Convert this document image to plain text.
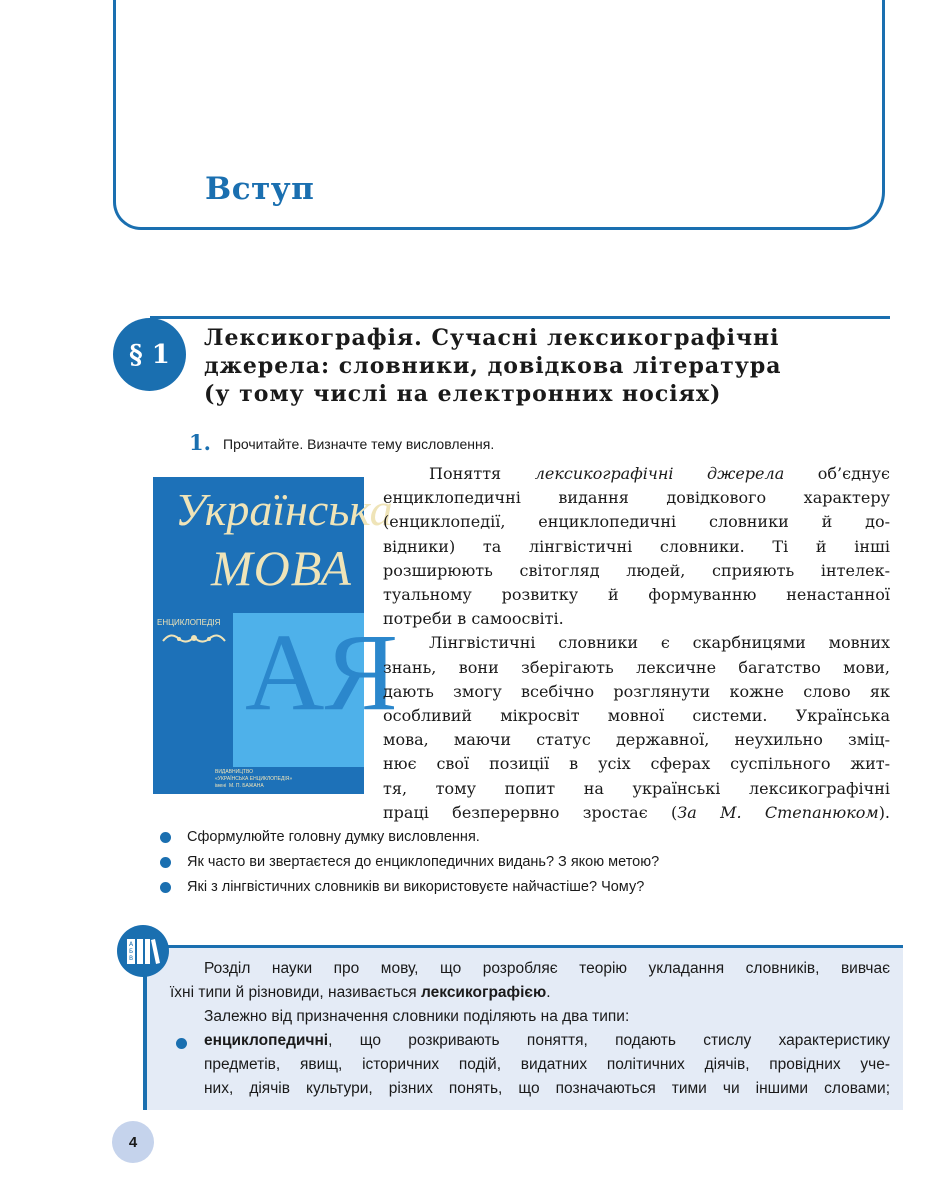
Вступ
§ 1
Лексикографія. Сучасні лексикографічні
джерела: словники, довідкова література
(у тому числі на електронних носіях)
1. Прочитайте. Визначте тему висловлення.
Українська
МОВА
ЕНЦИКЛОПЕДІЯ АЯ
ВИДАВНИЦТВО
«УКРАЇНСЬКА ЕНЦИКЛОПЕДІЯ»
імені  М. П. БАЖАНА
Поняття лексикографічні джерела об’єднує
енциклопедичні видання довідкового характеру
(енциклопедії, енциклопедичні словники й до-
відники) та лінгвістичні словники. Ті й інші
розширюють світогляд людей, сприяють інтелек-
туальному розвитку й формуванню ненастанної
потреби в самоосвіті.
Лінгвістичні словники є скарбницями мовних
знань, вони зберігають лексичне багатство мови,
дають змогу всебічно розглянути кожне слово як
особливий мікросвіт мовної системи. Українська
мова, маючи статус державної, неухильно зміц-
нює свої позиції в усіх сферах суспільного жит-
тя, тому попит на українські лексикографічні
праці безперервно зростає (За М. Степанюком).
Сформулюйте головну думку висловлення.
Як часто ви звертаєтеся до енциклопедичних видань? З якою метою?
Які з лінгвістичних словників ви використовуєте найчастіше? Чому?
А
Б
В
Розділ науки про мову, що розробляє теорію укладання словників, вивчає
їхні типи й різновиди, називається лексикографією.
Залежно від призначення словники поділяють на два типи:
енциклопедичні, що розкривають поняття, подають стислу характеристику
предметів, явищ, історичних подій, видатних політичних діячів, провідних уче-
них, діячів культури, різних понять, що позначаються тими чи іншими словами;
4
